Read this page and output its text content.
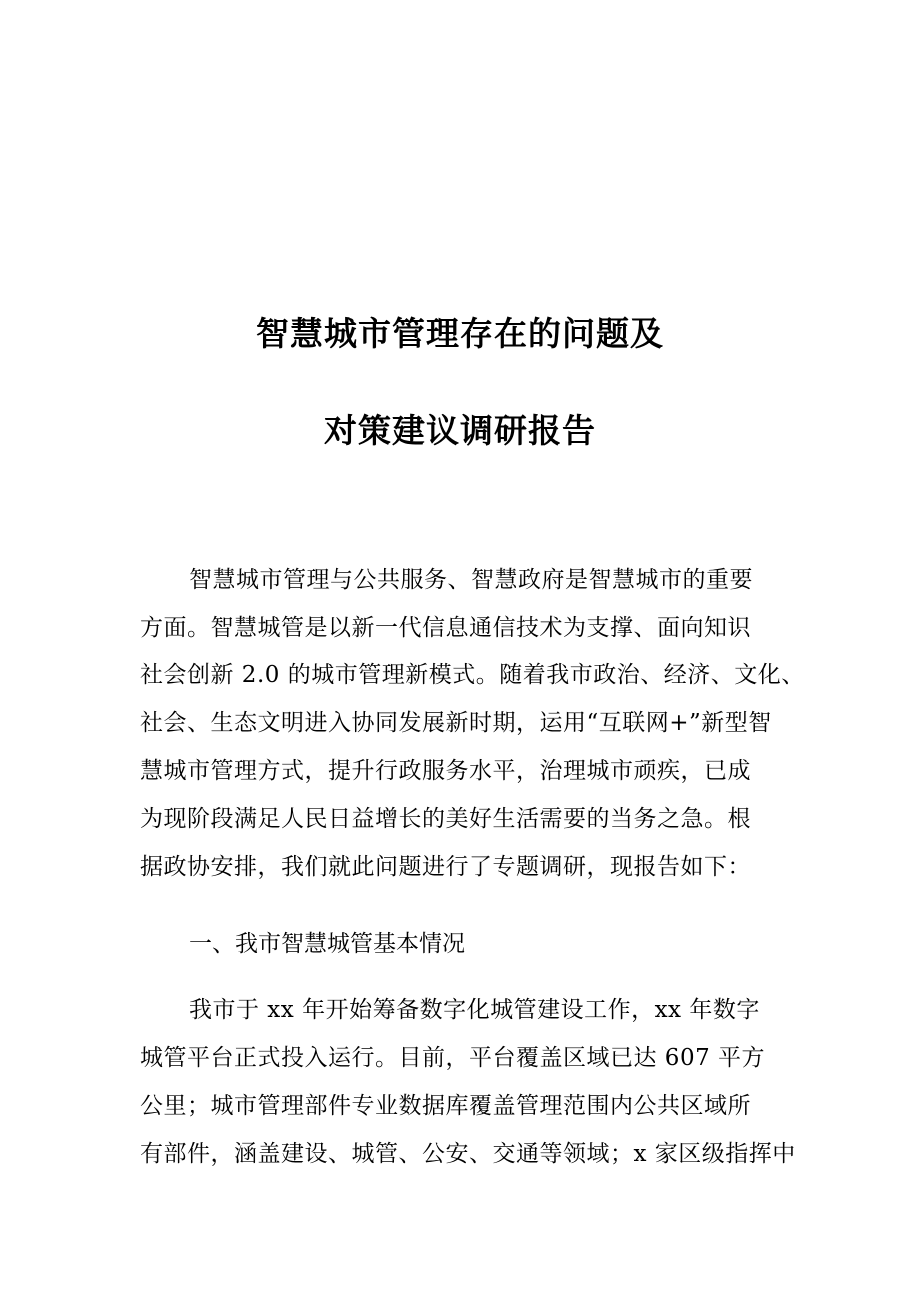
智慧城市管理存在的问题及
对策建议调研报告
智慧城市管理与公共服务、智慧政府是智慧城市的重要
方面。智慧城管是以新一代信息通信技术为支撑、面向知识
社会创新 2.0 的城市管理新模式。随着我市政治、经济、文化、
社会、生态文明进入协同发展新时期，运用“互联网+”新型智
慧城市管理方式，提升行政服务水平，治理城市顽疾，已成
为现阶段满足人民日益增长的美好生活需要的当务之急。根
据政协安排，我们就此问题进行了专题调研，现报告如下：
一、我市智慧城管基本情况
我市于 xx 年开始筹备数字化城管建设工作，xx 年数字
城管平台正式投入运行。目前，平台覆盖区域已达 607 平方
公里；城市管理部件专业数据库覆盖管理范围内公共区域所
有部件，涵盖建设、城管、公安、交通等领域；x 家区级指挥中
